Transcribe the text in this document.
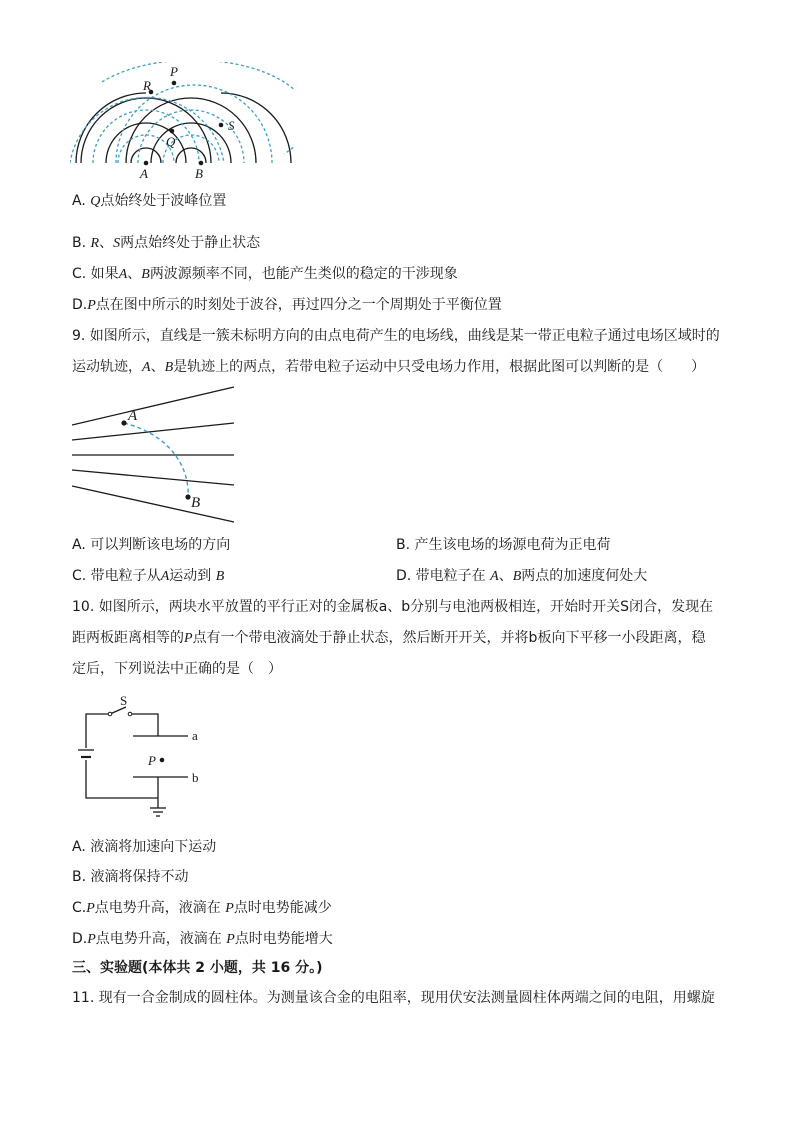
P
R
Q
S
A	B
A. Q点始终处于波峰位置
B. R、S两点始终处于静止状态
C. 如果A、B两波源频率不同，也能产生类似的稳定的干涉现象
D.P点在图中所示的时刻处于波谷，再过四分之一个周期处于平衡位置
9. 如图所示，直线是一簇未标明方向的由点电荷产生的电场线，曲线是某一带正电粒子通过电场区域时的
运动轨迹，A、B是轨迹上的两点，若带电粒子运动中只受电场力作用，根据此图可以判断的是（　　）
A
B
A. 可以判断该电场的方向	B. 产生该电场的场源电荷为正电荷
C. 带电粒子从A运动到 B	D. 带电粒子在 A、B两点的加速度何处大
10. 如图所示，两块水平放置的平行正对的金属板a、b分别与电池两极相连，开始时开关S闭合，发现在
距两板距离相等的P点有一个带电液滴处于静止状态，然后断开开关，并将b板向下平移一小段距离，稳
定后，下列说法中正确的是（　）
S
a
b
P
A. 液滴将加速向下运动
B. 液滴将保持不动
C.P点电势升高，液滴在 P点时电势能减少
D.P点电势升高，液滴在 P点时电势能增大
三、实验题(本体共 2 小题，共 16 分。)
11. 现有一合金制成的圆柱体。为测量该合金的电阻率，现用伏安法测量圆柱体两端之间的电阻，用螺旋
